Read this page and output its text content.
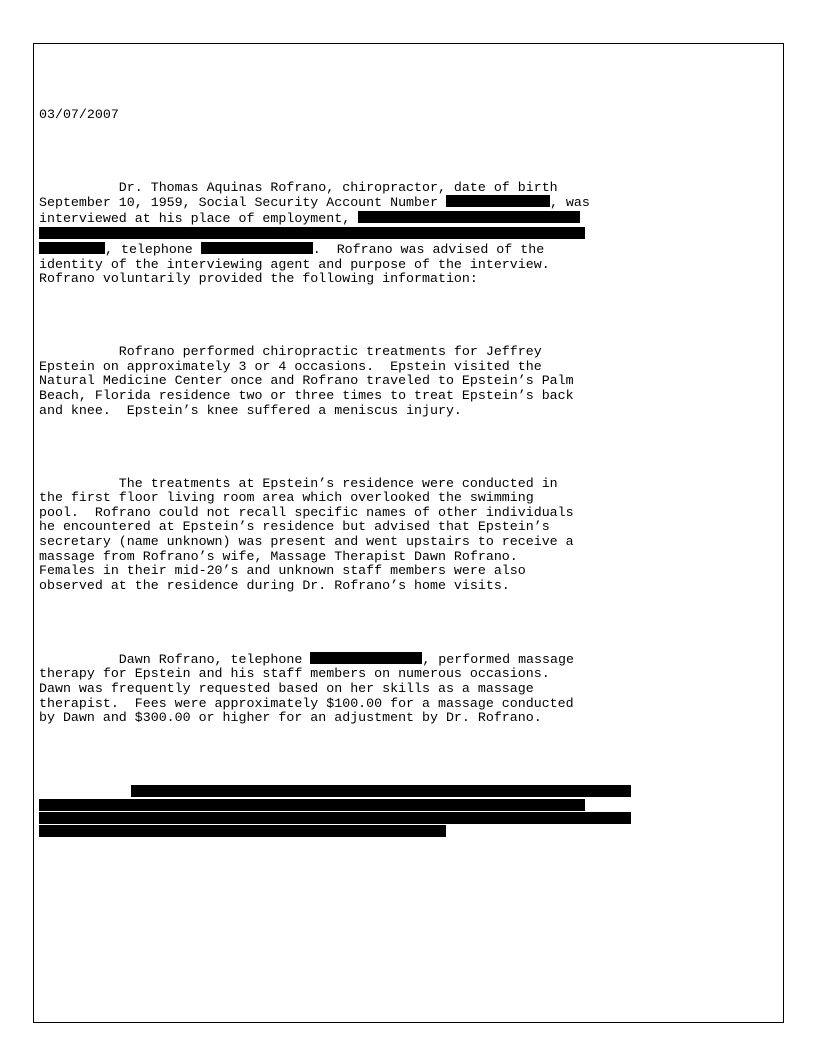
03/07/2007

Dr. Thomas Aquinas Rofrano, chiropractor, date of birth
September 10, 1959, Social Security Account Number	, was
interviewed at his place of employment,

, telephone	.  Rofrano was advised of the
identity of the interviewing agent and purpose of the interview.
Rofrano voluntarily provided the following information:

Rofrano performed chiropractic treatments for Jeffrey
Epstein on approximately 3 or 4 occasions.  Epstein visited the
Natural Medicine Center once and Rofrano traveled to Epstein’s Palm
Beach, Florida residence two or three times to treat Epstein’s back
and knee.  Epstein’s knee suffered a meniscus injury.

The treatments at Epstein’s residence were conducted in
the first floor living room area which overlooked the swimming
pool.  Rofrano could not recall specific names of other individuals
he encountered at Epstein’s residence but advised that Epstein’s
secretary (name unknown) was present and went upstairs to receive a
massage from Rofrano’s wife, Massage Therapist Dawn Rofrano.
Females in their mid-20’s and unknown staff members were also
observed at the residence during Dr. Rofrano’s home visits.

Dawn Rofrano, telephone	, performed massage
therapy for Epstein and his staff members on numerous occasions.
Dawn was frequently requested based on her skills as a massage
therapist.  Fees were approximately $100.00 for a massage conducted
by Dawn and $300.00 or higher for an adjustment by Dr. Rofrano.
